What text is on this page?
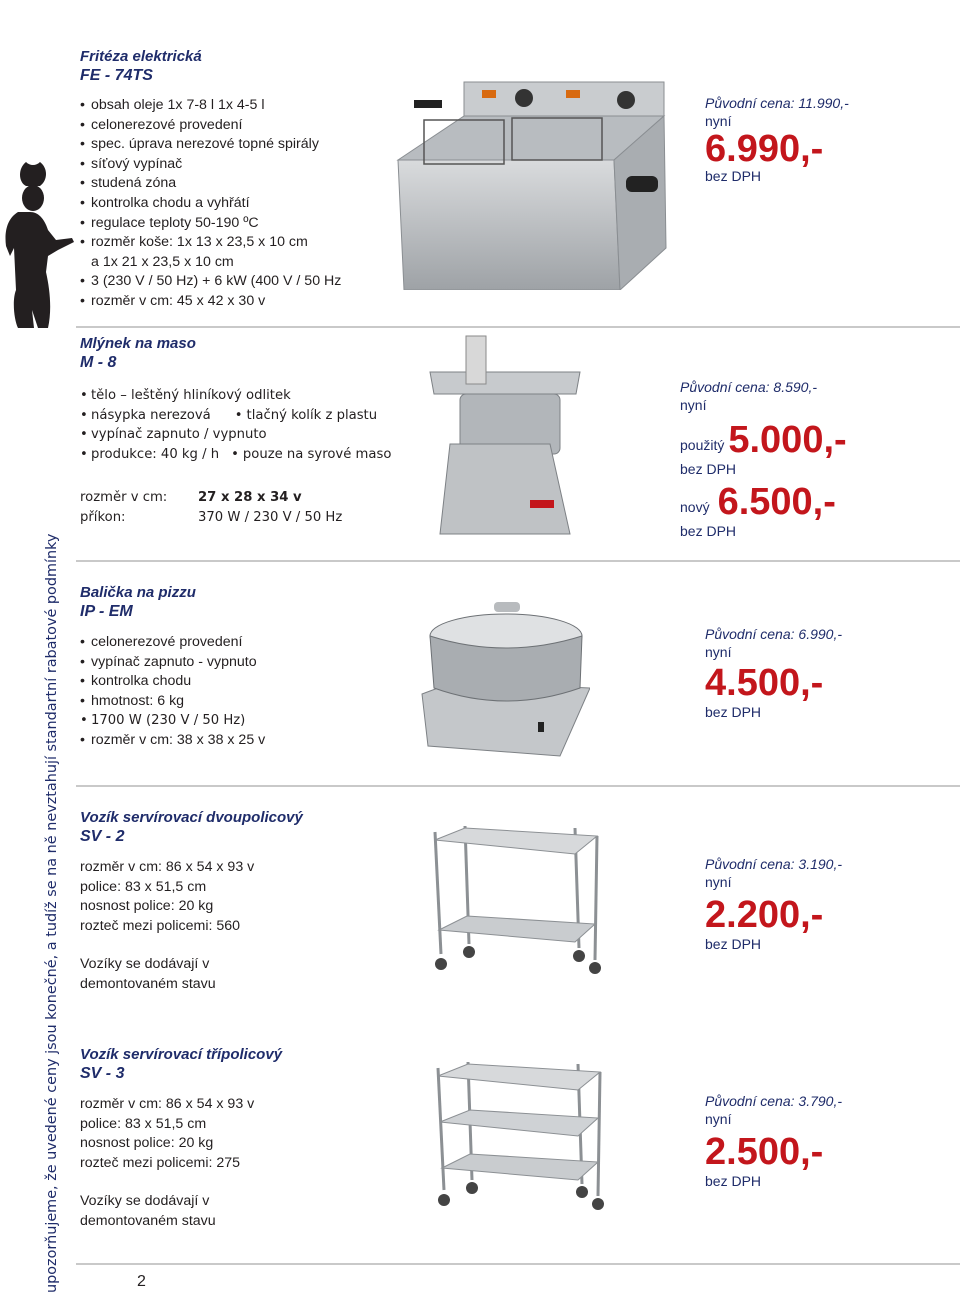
upozorňujeme, že uvedené ceny jsou konečné, a tudíž se na ně nevztahují standartní rabatové podmínky	2
Fritéza elektrická
FE - 74TS
• obsah oleje 1x 7-8 l 1x 4-5 l
• celonerezové provedení
• spec. úprava nerezové topné spirály
• síťový vypínač
• studená zóna
• kontrolka chodu a vyhřátí
• regulace teploty 50-190 ºC
• rozměr koše: 1x 13 x 23,5 x 10 cm
a 1x 21 x 23,5 x 10 cm
• 3 (230 V / 50 Hz) + 6 kW (400 V / 50 Hz
• rozměr v cm: 45 x 42 x 30 v
Původní cena: 11.990,-
nyní
6.990,-
bez DPH
Mlýnek na maso
M - 8
• tělo – leštěný hliníkový odlitek
• násypka nerezová • tlačný kolík z plastu
• vypínač zapnuto / vypnuto
• produkce: 40 kg / h • pouze na syrové maso
rozměr v cm:	27 x 28 x 34 v
příkon:	370 W / 230 V / 50 Hz
Původní cena: 8.590,-
nyní
použitý 5.000,-
bez DPH
nový 6.500,-
bez DPH
Balička na pizzu
IP - EM
• celonerezové provedení
• vypínač zapnuto - vypnuto
• kontrolka chodu
• hmotnost: 6 kg
• 1700 W (230 V / 50 Hz)
• rozměr v cm: 38 x 38 x 25 v
Původní cena: 6.990,-
nyní
4.500,-
bez DPH
Vozík servírovací dvoupolicový
SV - 2
rozměr v cm: 86 x 54 x 93 v
police: 83 x 51,5 cm
nosnost police: 20 kg
rozteč mezi policemi: 560
Vozíky se dodávají v
demontovaném stavu
Původní cena: 3.190,-
nyní
2.200,-
bez DPH
Vozík servírovací třípolicový
SV - 3
rozměr v cm: 86 x 54 x 93 v
police: 83 x 51,5 cm
nosnost police: 20 kg
rozteč mezi policemi: 275
Vozíky se dodávají v
demontovaném stavu
Původní cena: 3.790,-
nyní
2.500,-
bez DPH
